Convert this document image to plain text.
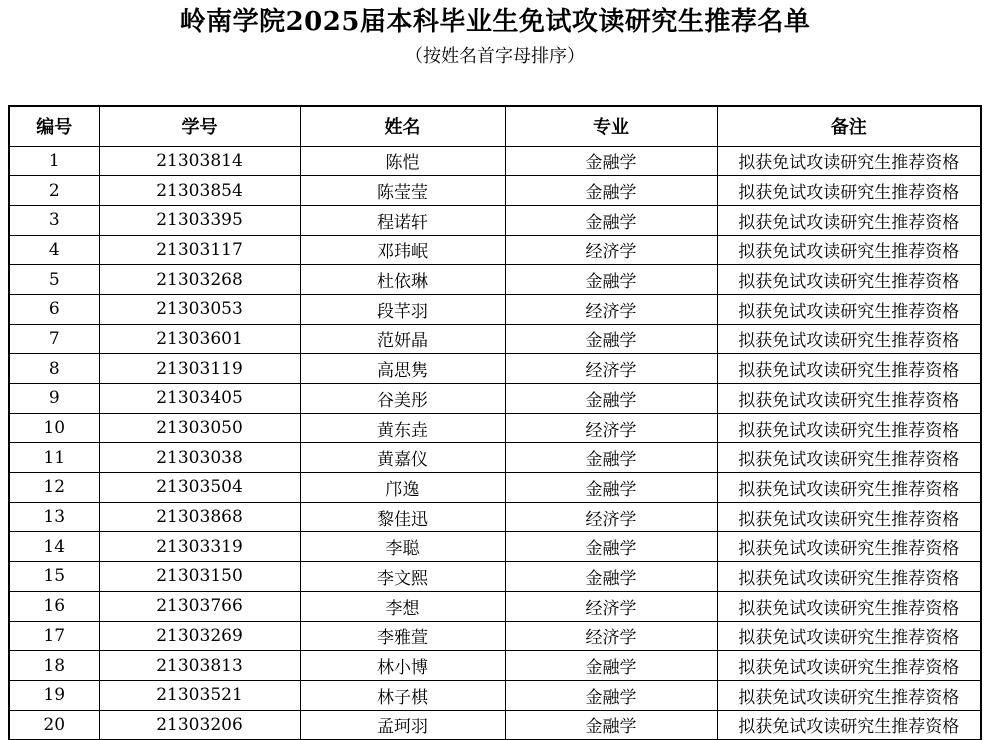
岭南学院2025届本科毕业生免试攻读研究生推荐名单
（按姓名首字母排序）
编号	学号	姓名	专业	备注
1	21303814	陈恺	金融学	拟获免试攻读研究生推荐资格
2	21303854	陈莹莹	金融学	拟获免试攻读研究生推荐资格
3	21303395	程诺轩	金融学	拟获免试攻读研究生推荐资格
4	21303117	邓玮岷	经济学	拟获免试攻读研究生推荐资格
5	21303268	杜依琳	金融学	拟获免试攻读研究生推荐资格
6	21303053	段芊羽	经济学	拟获免试攻读研究生推荐资格
7	21303601	范妍晶	金融学	拟获免试攻读研究生推荐资格
8	21303119	高思隽	经济学	拟获免试攻读研究生推荐资格
9	21303405	谷美彤	金融学	拟获免试攻读研究生推荐资格
10	21303050	黄东垚	经济学	拟获免试攻读研究生推荐资格
11	21303038	黄嘉仪	金融学	拟获免试攻读研究生推荐资格
12	21303504	邝逸	金融学	拟获免试攻读研究生推荐资格
13	21303868	黎佳迅	经济学	拟获免试攻读研究生推荐资格
14	21303319	李聪	金融学	拟获免试攻读研究生推荐资格
15	21303150	李文熙	金融学	拟获免试攻读研究生推荐资格
16	21303766	李想	经济学	拟获免试攻读研究生推荐资格
17	21303269	李雅萱	经济学	拟获免试攻读研究生推荐资格
18	21303813	林小博	金融学	拟获免试攻读研究生推荐资格
19	21303521	林子棋	金融学	拟获免试攻读研究生推荐资格
20	21303206	孟珂羽	金融学	拟获免试攻读研究生推荐资格
